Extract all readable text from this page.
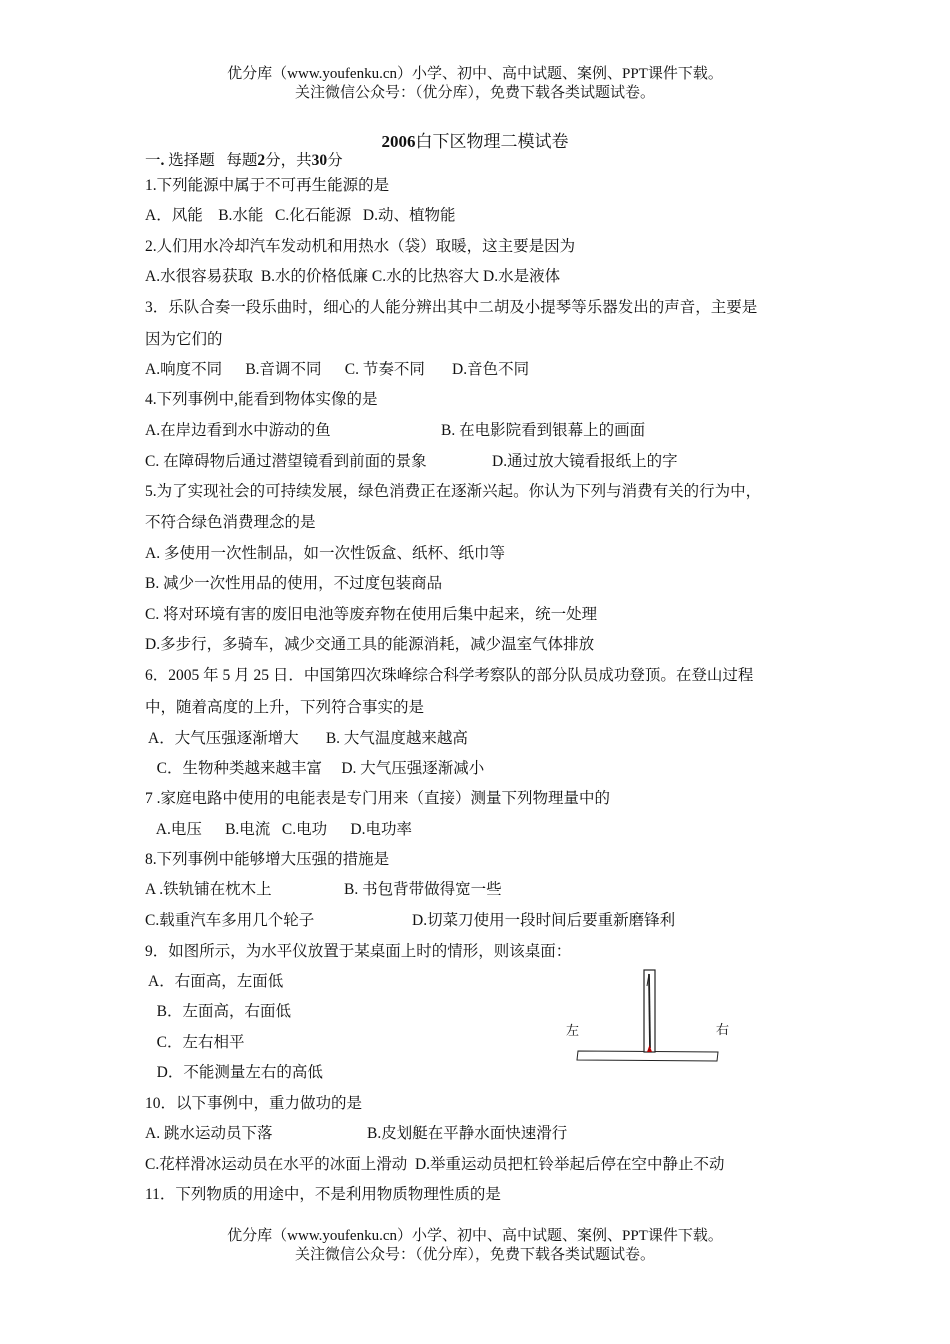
优分库（www.youfenku.cn）小学、初中、高中试题、案例、PPT课件下载。
关注微信公众号：（优分库），免费下载各类试题试卷。
2006白下区物理二模试卷
一. 选择题   每题2分，共30分
1.下列能源中属于不可再生能源的是
A．风能    B.水能   C.化石能源   D.动、植物能
2.人们用水冷却汽车发动机和用热水（袋）取暖，这主要是因为
A.水很容易获取  B.水的价格低廉 C.水的比热容大 D.水是液体
3．乐队合奏一段乐曲时，细心的人能分辨出其中二胡及小提琴等乐器发出的声音，主要是
因为它们的
A.响度不同      B.音调不同      C. 节奏不同       D.音色不同
4.下列事例中,能看到物体实像的是
A.在岸边看到水中游动的鱼	B. 在电影院看到银幕上的画面
C. 在障碍物后通过潜望镜看到前面的景象	D.通过放大镜看报纸上的字
5.为了实现社会的可持续发展，绿色消费正在逐渐兴起。你认为下列与消费有关的行为中，
不符合绿色消费理念的是
A. 多使用一次性制品，如一次性饭盒、纸杯、纸巾等
B. 减少一次性用品的使用，不过度包装商品
C. 将对环境有害的废旧电池等废弃物在使用后集中起来，统一处理
D.多步行，多骑车，减少交通工具的能源消耗，减少温室气体排放
6．2005 年 5 月 25 日．中国第四次珠峰综合科学考察队的部分队员成功登顶。在登山过程
中，随着高度的上升，下列符合事实的是
A．大气压强逐渐增大       B. 大气温度越来越高
C．生物种类越来越丰富     D. 大气压强逐渐减小
7 .家庭电路中使用的电能表是专门用来（直接）测量下列物理量中的
A.电压      B.电流   C.电功      D.电功率
8.下列事例中能够增大压强的措施是
A .铁轨铺在枕木上	B. 书包背带做得宽一些
C.载重汽车多用几个轮子	D.切菜刀使用一段时间后要重新磨锋利
9．如图所示，为水平仪放置于某桌面上时的情形，则该桌面：
A．右面高，左面低
B．左面高，右面低
C．左右相平
D．不能测量左右的高低
左	右
10．以下事例中，重力做功的是
A. 跳水运动员下落	B.皮划艇在平静水面快速滑行
C.花样滑冰运动员在水平的冰面上滑动  D.举重运动员把杠铃举起后停在空中静止不动
11．下列物质的用途中，不是利用物质物理性质的是
优分库（www.youfenku.cn）小学、初中、高中试题、案例、PPT课件下载。
关注微信公众号：（优分库），免费下载各类试题试卷。
